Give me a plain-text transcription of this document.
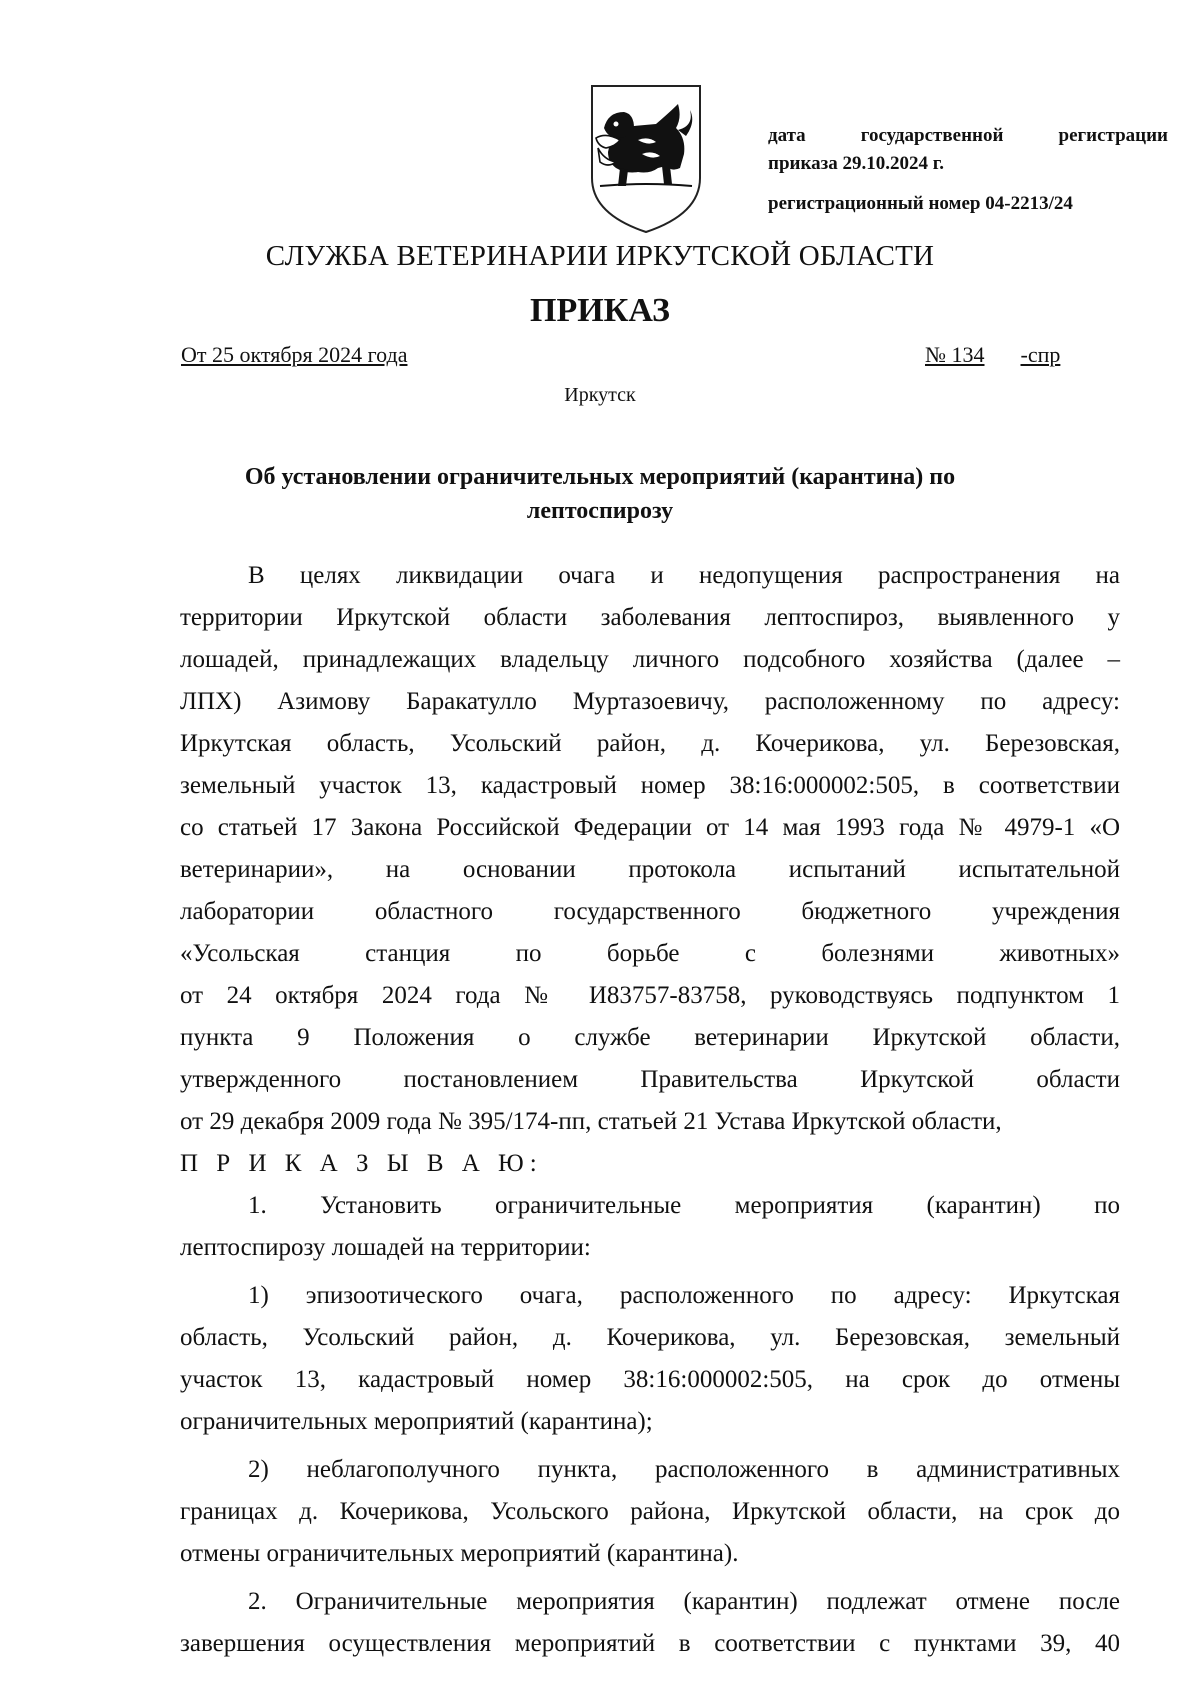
дата государственной регистрации
приказа 29.10.2024 г.
регистрационный номер 04-2213/24
СЛУЖБА ВЕТЕРИНАРИИ ИРКУТСКОЙ ОБЛАСТИ
ПРИКАЗ
От 25 октября 2024 года	№ 134 -спр
Иркутск
Об установлении ограничительных мероприятий (карантина) по
лептоспирозу
В целях ликвидации очага и недопущения распространения на
территории Иркутской области заболевания лептоспироз, выявленного у
лошадей, принадлежащих владельцу личного подсобного хозяйства (далее –
ЛПХ) Азимову Баракатулло Муртазоевичу, расположенному по адресу:
Иркутская область, Усольский район, д. Кочерикова, ул. Березовская,
земельный участок 13, кадастровый номер 38:16:000002:505, в соответствии
со статьей 17 Закона Российской Федерации от 14 мая 1993 года № 4979-1 «О
ветеринарии», на основании протокола испытаний испытательной
лаборатории областного государственного бюджетного учреждения
«Усольская станция по борьбе с болезнями животных»
от 24 октября 2024 года № И83757-83758, руководствуясь подпунктом 1
пункта 9 Положения о службе ветеринарии Иркутской области,
утвержденного постановлением Правительства Иркутской области
от 29 декабря 2009 года № 395/174-пп, статьей 21 Устава Иркутской области,
П Р И К А З Ы В А Ю:
1. Установить ограничительные мероприятия (карантин) по
лептоспирозу лошадей на территории:
1) эпизоотического очага, расположенного по адресу: Иркутская
область, Усольский район, д. Кочерикова, ул. Березовская, земельный
участок 13, кадастровый номер 38:16:000002:505, на срок до отмены
ограничительных мероприятий (карантина);
2) неблагополучного пункта, расположенного в административных
границах д. Кочерикова, Усольского района, Иркутской области, на срок до
отмены ограничительных мероприятий (карантина).
2. Ограничительные мероприятия (карантин) подлежат отмене после
завершения осуществления мероприятий в соответствии с пунктами 39, 40
